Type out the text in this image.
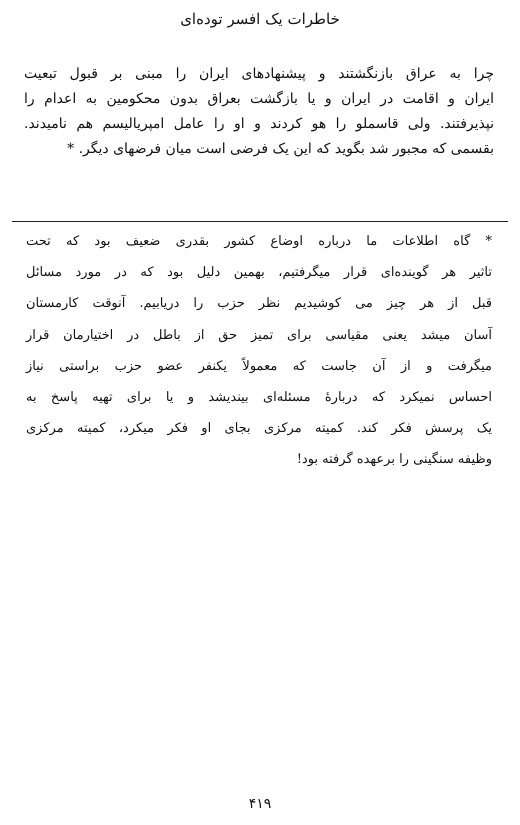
خاطرات یک افسر توده‌ای
چرا به عراق بازنگشتند و پیشنهادهای ایران را مبنی بر قبول تبعیت
ایران و اقامت در ایران و یا بازگشت بعراق بدون محکومین به اعدام را
نپذیرفتند. ولی قاسملو را هو کردند و او را عامل امپریالیسم هم نامیدند.
بقسمی که مجبور شد بگوید که این یک فرضی است میان فرضهای دیگر. *
* گاه اطلاعات ما درباره اوضاع کشور بقدری ضعیف بود که تحت
تاثیر هر گوینده‌ای قرار میگرفتیم، بهمین دلیل بود که در مورد مسائل
قبل از هر چیز می کوشیدیم نظر حزب را دریابیم. آنوقت کارمستان
آسان میشد یعنی مقیاسی برای تمیز حق از باطل در اختیارمان قرار
میگرفت و از آن جاست که معمولاً یکنفر عضو حزب براستی نیاز
احساس نمیکرد که دربارهٔ مسئله‌ای بیندیشد و یا برای تهیه پاسخ به
یک پرسش فکر کند. کمیته مرکزی بجای او فکر میکرد، کمیته مرکزی
وظیفه سنگینی را برعهده گرفته بود!
۴۱۹
